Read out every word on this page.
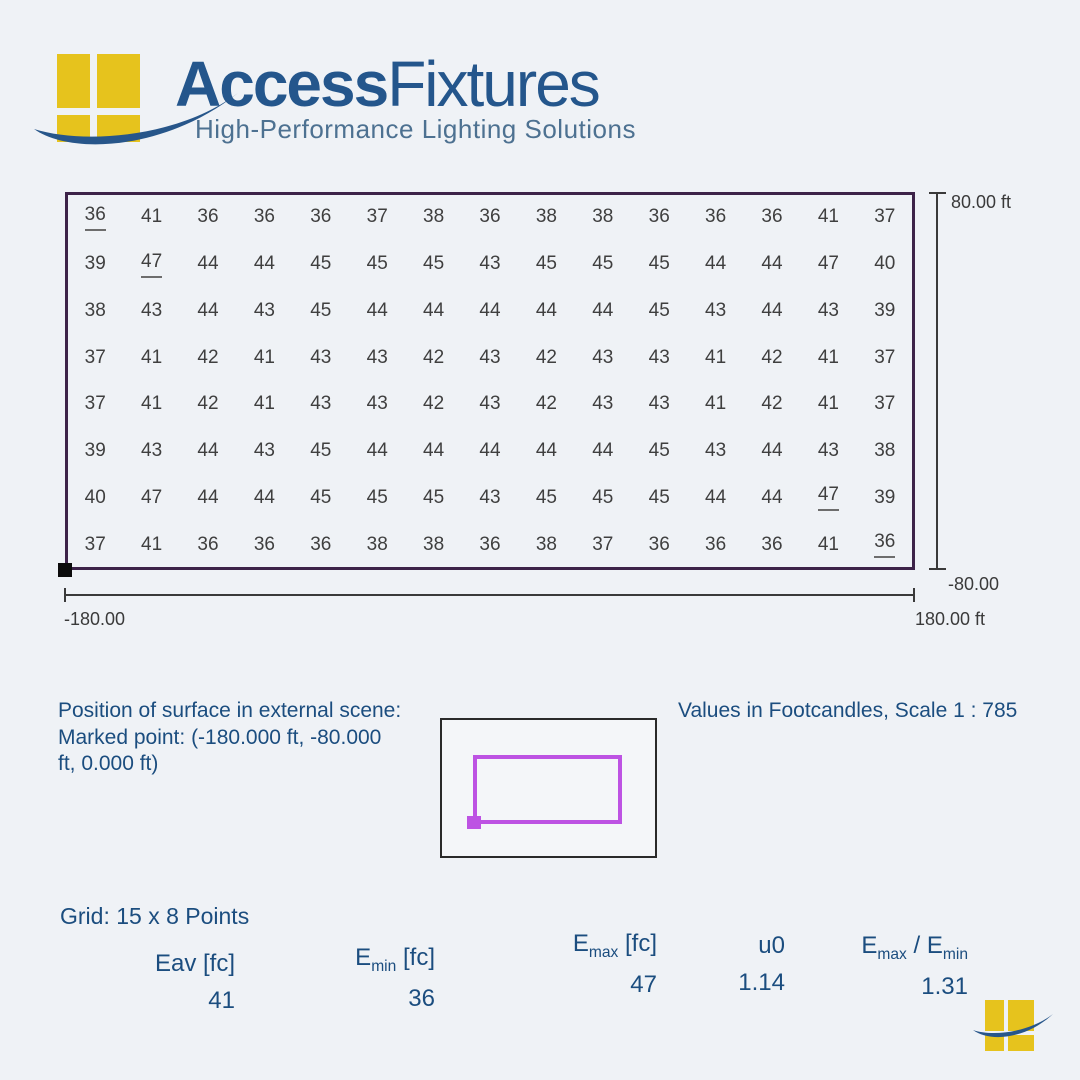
AccessFixtures
High-Performance Lighting Solutions
36 41 36 36 36 37 38 36 38 38 36 36 36 41 37
39 47 44 44 45 45 45 43 45 45 45 44 44 47 40
38 43 44 43 45 44 44 44 44 44 45 43 44 43 39
37 41 42 41 43 43 42 43 42 43 43 41 42 41 37
37 41 42 41 43 43 42 43 42 43 43 41 42 41 37
39 43 44 43 45 44 44 44 44 44 45 43 44 43 38
40 47 44 44 45 45 45 43 45 45 45 44 44 47 39
37 41 36 36 36 38 38 36 38 37 36 36 36 41 36
80.00 ft
-80.00
-180.00	180.00 ft
Position of surface in external scene: Marked point: (-180.000 ft, -80.000 ft, 0.000 ft)
Values in Footcandles, Scale 1 : 785
Grid: 15 x 8 Points
Eav [fc]
41
$E_{min}$ [fc]
36
$E_{max}$ [fc]
47
u0
1.14
$E_{max} / E_{min}$
1.31
